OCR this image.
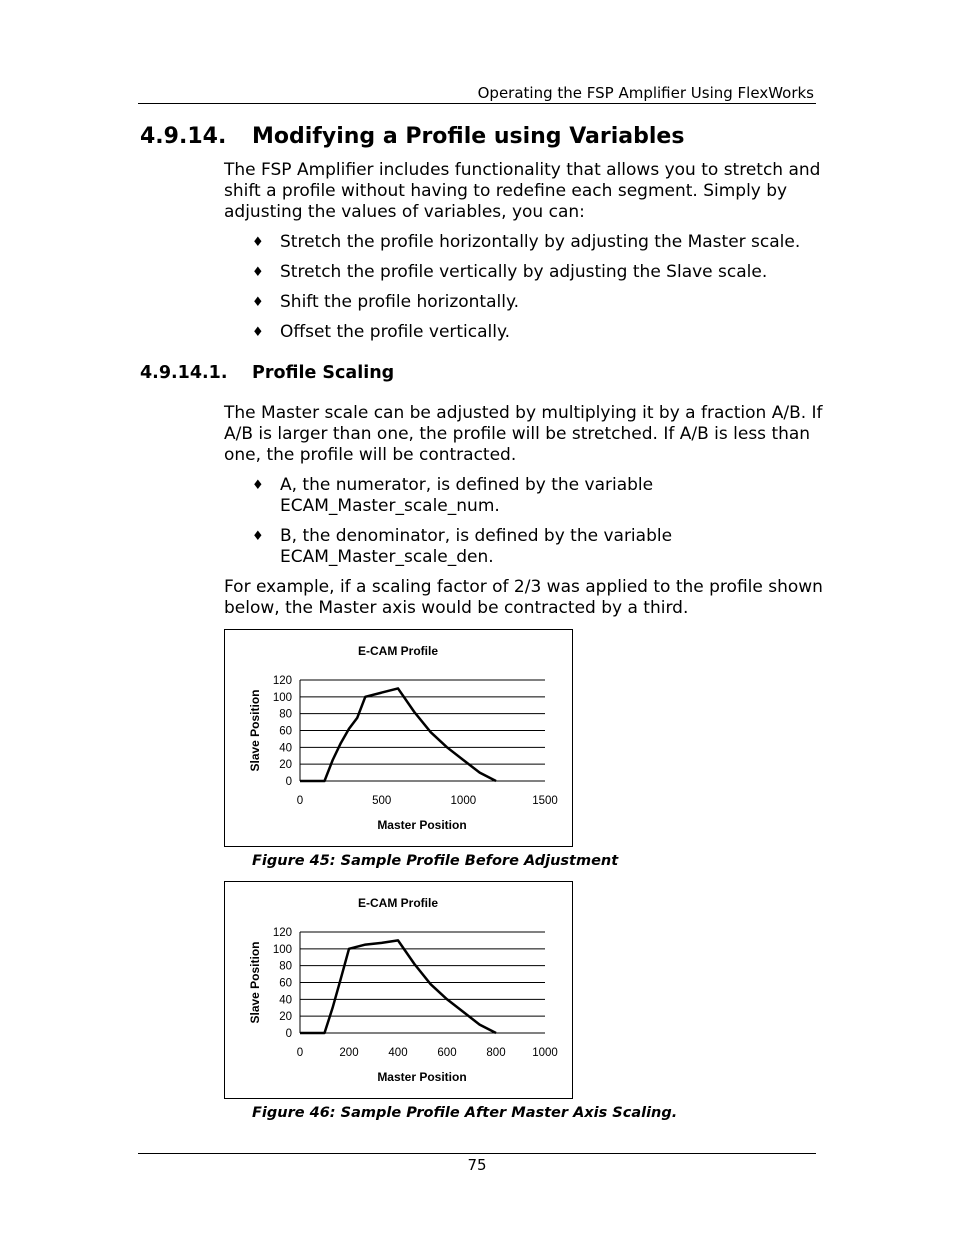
Operating the FSP Amplifier Using FlexWorks
4.9.14. Modifying a Profile using Variables
The FSP Amplifier includes functionality that allows you to stretch and shift a profile without having to redefine each segment. Simply by adjusting the values of variables, you can:
♦ Stretch the profile horizontally by adjusting the Master scale.
♦ Stretch the profile vertically by adjusting the Slave scale.
♦ Shift the profile horizontally.
♦ Offset the profile vertically.
4.9.14.1. Profile Scaling
The Master scale can be adjusted by multiplying it by a fraction A/B. If A/B is larger than one, the profile will be stretched. If A/B is less than one, the profile will be contracted.
♦ A, the numerator, is defined by the variable ECAM_Master_scale_num.
♦ B, the denominator, is defined by the variable ECAM_Master_scale_den.
For example, if a scaling factor of 2/3 was applied to the profile shown below, the Master axis would be contracted by a third.
E-CAM Profile
0
20
40
60
80
100
120
0	500	1000	1500
Master Position
Slave Position
Figure 45: Sample Profile Before Adjustment
E-CAM Profile
0
20
40
60
80
100
120
0	200	400	600	800 1000
Master Position
Slave Position
Figure 46: Sample Profile After Master Axis Scaling.
75
